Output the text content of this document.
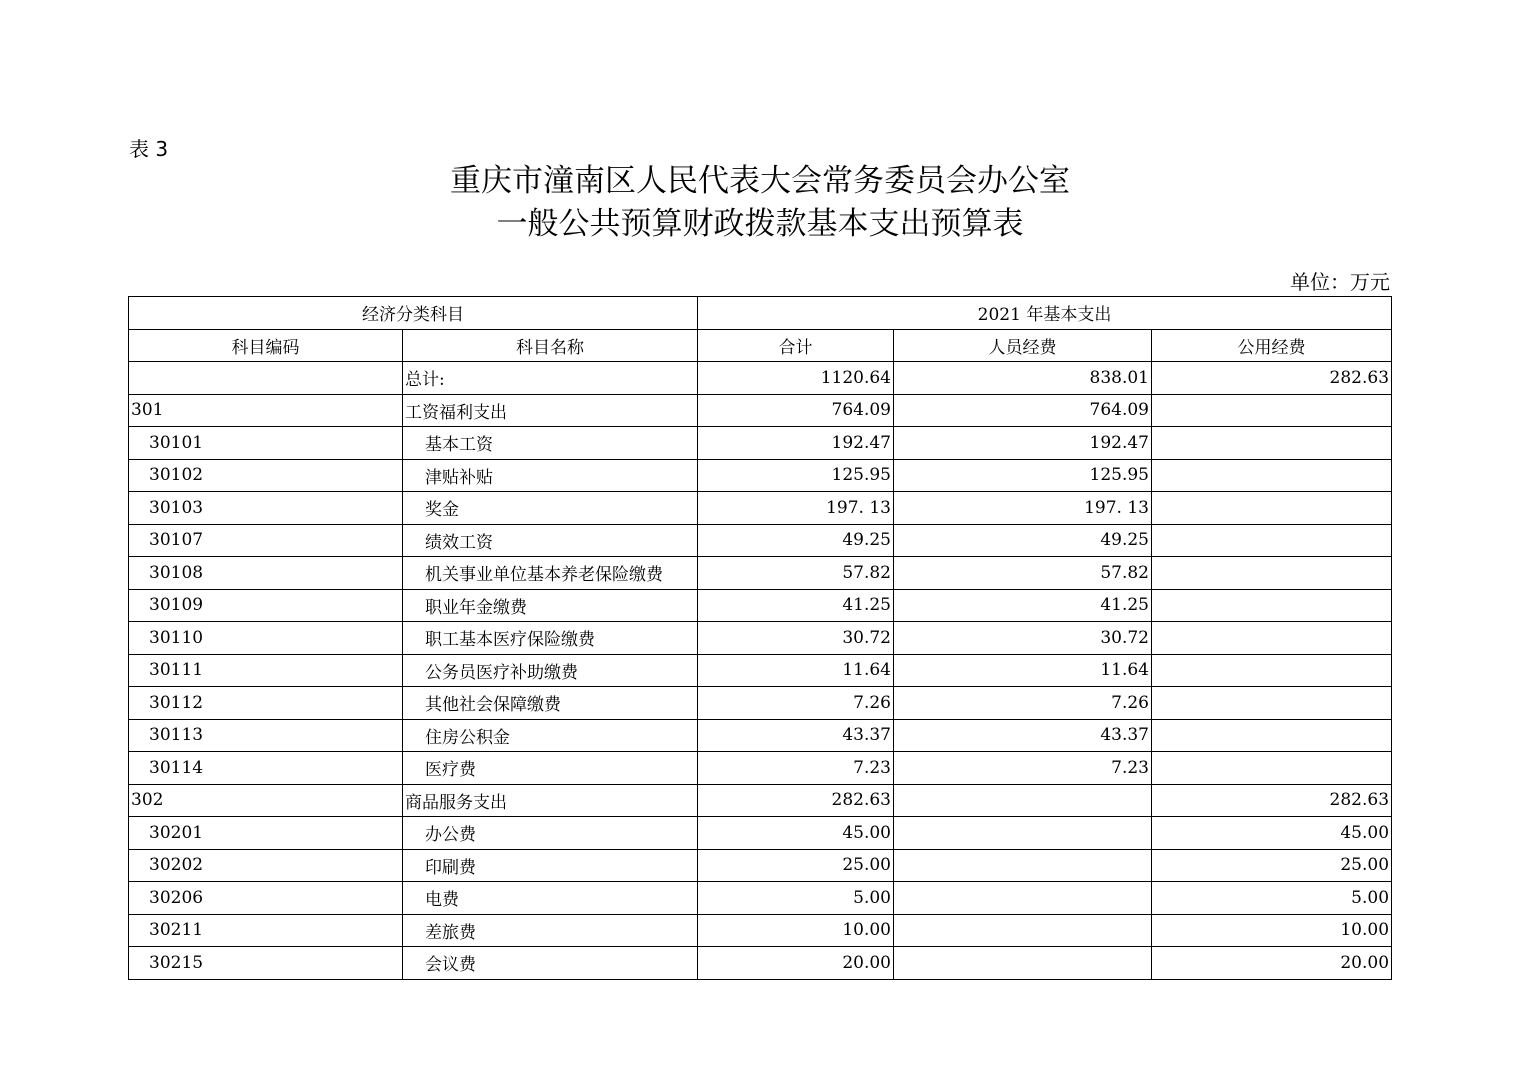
表 3
重庆市潼南区人民代表大会常务委员会办公室
一般公共预算财政拨款基本支出预算表
单位：万元
经济分类科目		2021 年基本支出		
科目编码	科目名称	合计	人员经费	公用经费
	总计:	1120.64	838.01	282.63
301	工资福利支出	764.09	764.09	
30101	基本工资	192.47	192.47	
30102	津贴补贴	125.95	125.95	
30103	奖金	197. 13	197. 13	
30107	绩效工资	49.25	49.25	
30108	机关事业单位基本养老保险缴费	57.82	57.82	
30109	职业年金缴费	41.25	41.25	
30110	职工基本医疗保险缴费	30.72	30.72	
30111	公务员医疗补助缴费	11.64	11.64	
30112	其他社会保障缴费	7.26	7.26	
30113	住房公积金	43.37	43.37	
30114	医疗费	7.23	7.23	
302	商品服务支出	282.63		282.63
30201	办公费	45.00		45.00
30202	印刷费	25.00		25.00
30206	电费	5.00		5.00
30211	差旅费	10.00		10.00
30215	会议费	20.00		20.00
